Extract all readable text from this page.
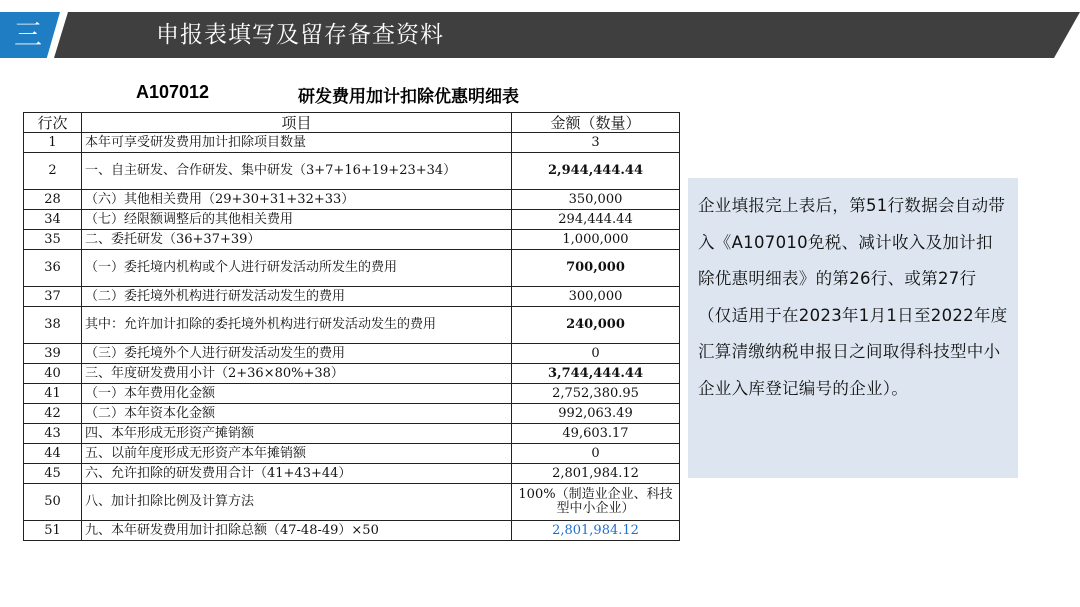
三	申报表填写及留存备查资料
A107012	研发费用加计扣除优惠明细表
行次	项目	金额（数量）
1	本年可享受研发费用加计扣除项目数量	3
2	一、自主研发、合作研发、集中研发（3+7+16+19+23+34）	2,944,444.44
28	（六）其他相关费用（29+30+31+32+33）	350,000
34	（七）经限额调整后的其他相关费用	294,444.44
35	二、委托研发（36+37+39）	1,000,000
36	（一）委托境内机构或个人进行研发活动所发生的费用	700,000
37	（二）委托境外机构进行研发活动发生的费用	300,000
38	其中：允许加计扣除的委托境外机构进行研发活动发生的费用	240,000
39	（三）委托境外个人进行研发活动发生的费用	0
40	三、年度研发费用小计（2+36×80%+38）	3,744,444.44
41	（一）本年费用化金额	2,752,380.95
42	（二）本年资本化金额	992,063.49
43	四、本年形成无形资产摊销额	49,603.17
44	五、以前年度形成无形资产本年摊销额	0
45	六、允许扣除的研发费用合计（41+43+44）	2,801,984.12
50	八、加计扣除比例及计算方法	100%（制造业企业、科技型中小企业）
51	九、本年研发费用加计扣除总额（47-48-49）×50	2,801,984.12
企业填报完上表后，第51行数据会自动带入《A107010免税、减计收入及加计扣除优惠明细表》的第26行、或第27行（仅适用于在2023年1月1日至2022年度汇算清缴纳税申报日之间取得科技型中小企业入库登记编号的企业）。
